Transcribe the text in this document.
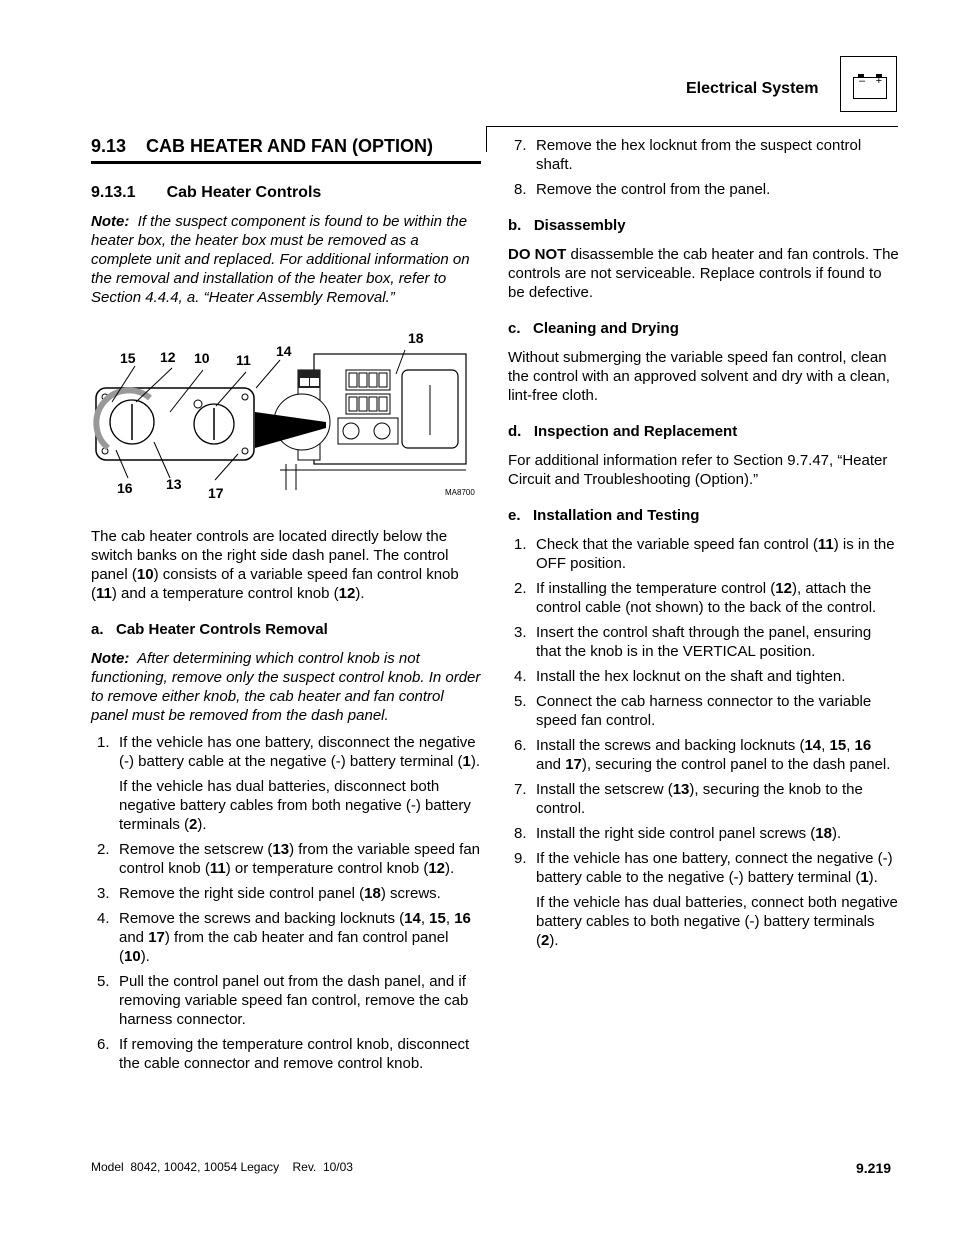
Electrical System	– +
9.13    CAB HEATER AND FAN (OPTION)
9.13.1       Cab Heater Controls
Note: If the suspect component is found to be within the heater box, the heater box must be removed as a complete unit and replaced. For additional information on the removal and installation of the heater box, refer to Section 4.4.4, a. “Heater Assembly Removal.”
15 12 10 11
14
18
16 13
17	MA8700
The cab heater controls are located directly below the switch banks on the right side dash panel. The control panel (10) consists of a variable speed fan control knob (11) and a temperature control knob (12).
a.   Cab Heater Controls Removal
Note: After determining which control knob is not functioning, remove only the suspect control knob. In order to remove either knob, the cab heater and fan control panel must be removed from the dash panel.
1. If the vehicle has one battery, disconnect the negative (-) battery cable at the negative (-) battery terminal (1).
If the vehicle has dual batteries, disconnect both negative battery cables from both negative (-) battery terminals (2).
2. Remove the setscrew (13) from the variable speed fan control knob (11) or temperature control knob (12).
3. Remove the right side control panel (18) screws.
4. Remove the screws and backing locknuts (14, 15, 16 and 17) from the cab heater and fan control panel (10).
5. Pull the control panel out from the dash panel, and if removing variable speed fan control, remove the cab harness connector.
6. If removing the temperature control knob, disconnect the cable connector and remove control knob.
7. Remove the hex locknut from the suspect control shaft.
8. Remove the control from the panel.
b.   Disassembly
DO NOT disassemble the cab heater and fan controls. The controls are not serviceable. Replace controls if found to be defective.
c.   Cleaning and Drying
Without submerging the variable speed fan control, clean the control with an approved solvent and dry with a clean, lint-free cloth.
d.   Inspection and Replacement
For additional information refer to Section 9.7.47, “Heater Circuit and Troubleshooting (Option).”
e.   Installation and Testing
1. Check that the variable speed fan control (11) is in the OFF position.
2. If installing the temperature control (12), attach the control cable (not shown) to the back of the control.
3. Insert the control shaft through the panel, ensuring that the knob is in the VERTICAL position.
4. Install the hex locknut on the shaft and tighten.
5. Connect the cab harness connector to the variable speed fan control.
6. Install the screws and backing locknuts (14, 15, 16 and 17), securing the control panel to the dash panel.
7. Install the setscrew (13), securing the knob to the control.
8. Install the right side control panel screws (18).
9. If the vehicle has one battery, connect the negative (-) battery cable to the negative (-) battery terminal (1).
If the vehicle has dual batteries, connect both negative battery cables to both negative (-) battery terminals (2).
Model  8042, 10042, 10054 Legacy    Rev.  10/03	9.219
